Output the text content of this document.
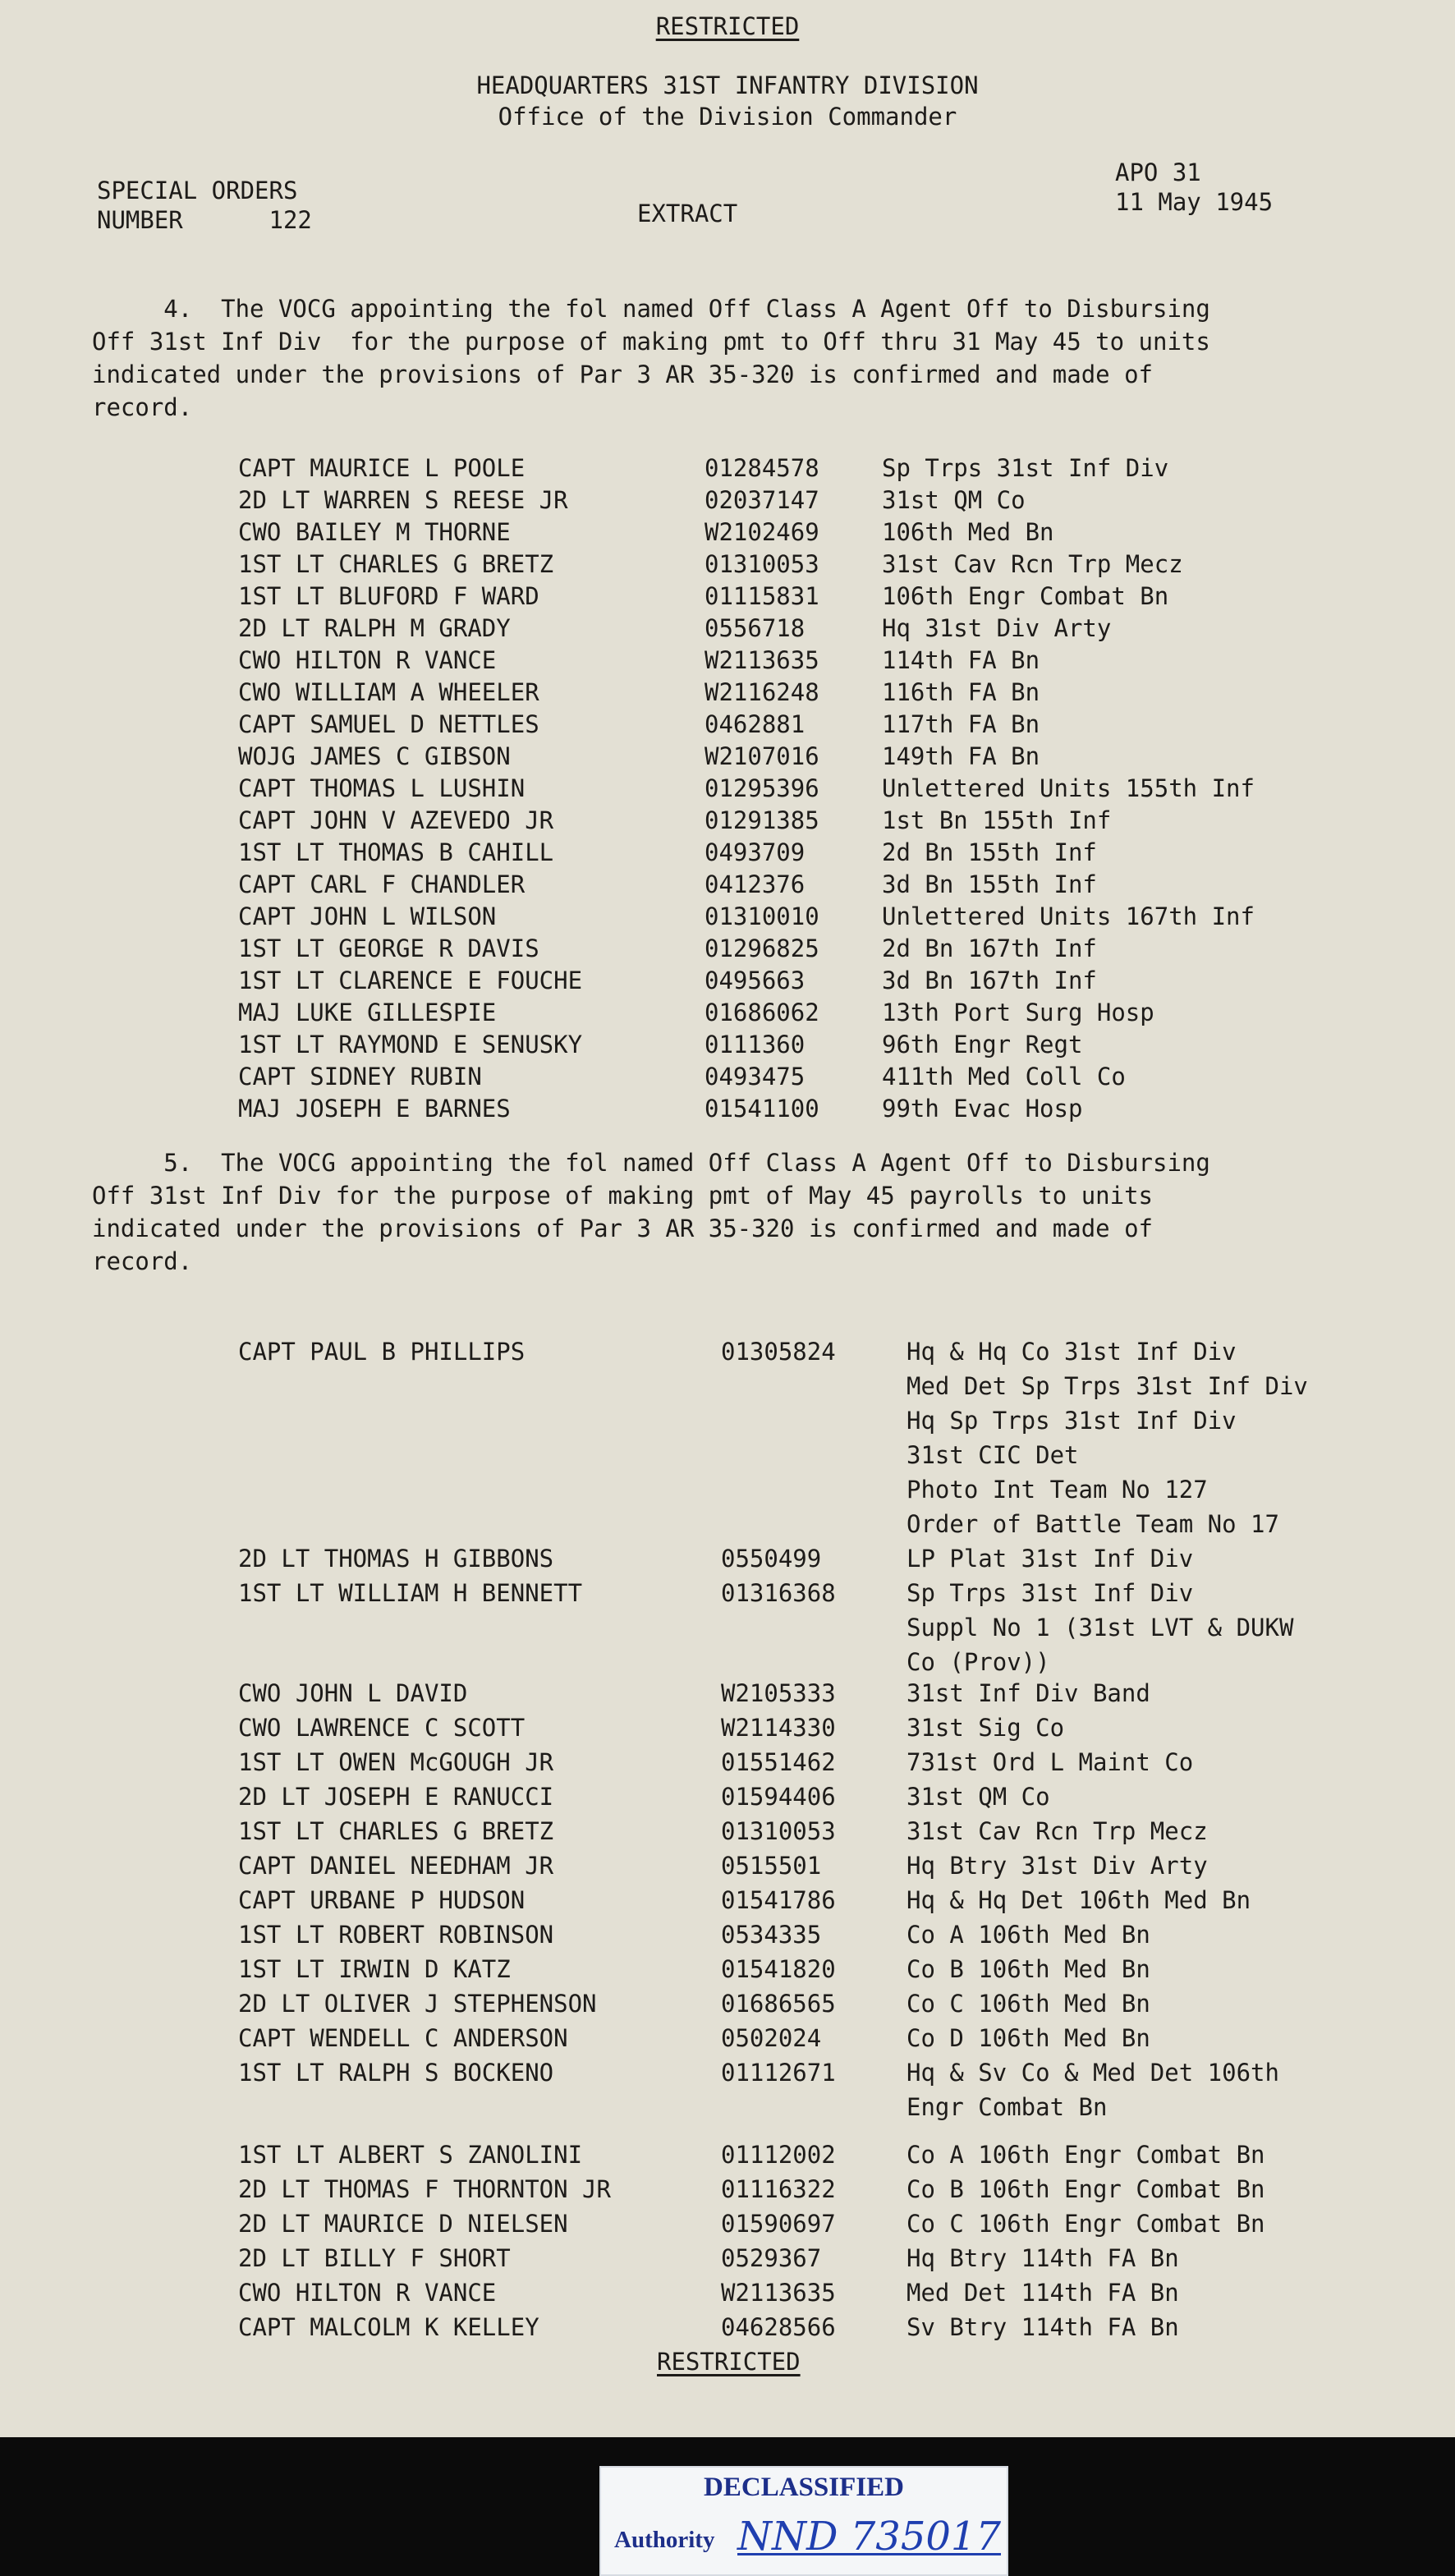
RESTRICTED
HEADQUARTERS 31ST INFANTRY DIVISION
Office of the Division Commander
SPECIAL ORDERS
NUMBER      122	EXTRACT
APO 31
11 May 1945
4.  The VOCG appointing the fol named Off Class A Agent Off to Disbursing
Off 31st Inf Div  for the purpose of making pmt to Off thru 31 May 45 to units
indicated under the provisions of Par 3 AR 35-320 is confirmed and made of
record.
CAPT MAURICE L POOLE	01284578	Sp Trps 31st Inf Div
2D LT WARREN S REESE JR	02037147	31st QM Co
CWO BAILEY M THORNE	W2102469	106th Med Bn
1ST LT CHARLES G BRETZ	01310053	31st Cav Rcn Trp Mecz
1ST LT BLUFORD F WARD	01115831	106th Engr Combat Bn
2D LT RALPH M GRADY	0556718	Hq 31st Div Arty
CWO HILTON R VANCE	W2113635	114th FA Bn
CWO WILLIAM A WHEELER	W2116248	116th FA Bn
CAPT SAMUEL D NETTLES	0462881	117th FA Bn
WOJG JAMES C GIBSON	W2107016	149th FA Bn
CAPT THOMAS L LUSHIN	01295396	Unlettered Units 155th Inf
CAPT JOHN V AZEVEDO JR	01291385	1st Bn 155th Inf
1ST LT THOMAS B CAHILL	0493709	2d Bn 155th Inf
CAPT CARL F CHANDLER	0412376	3d Bn 155th Inf
CAPT JOHN L WILSON	01310010	Unlettered Units 167th Inf
1ST LT GEORGE R DAVIS	01296825	2d Bn 167th Inf
1ST LT CLARENCE E FOUCHE	0495663	3d Bn 167th Inf
MAJ LUKE GILLESPIE	01686062	13th Port Surg Hosp
1ST LT RAYMOND E SENUSKY	0111360	96th Engr Regt
CAPT SIDNEY RUBIN	0493475	411th Med Coll Co
MAJ JOSEPH E BARNES	01541100	99th Evac Hosp
5.  The VOCG appointing the fol named Off Class A Agent Off to Disbursing
Off 31st Inf Div for the purpose of making pmt of May 45 payrolls to units
indicated under the provisions of Par 3 AR 35-320 is confirmed and made of
record.
CAPT PAUL B PHILLIPS	01305824	Hq & Hq Co 31st Inf Div
Med Det Sp Trps 31st Inf Div
Hq Sp Trps 31st Inf Div
31st CIC Det
Photo Int Team No 127
Order of Battle Team No 17
2D LT THOMAS H GIBBONS	0550499	LP Plat 31st Inf Div
1ST LT WILLIAM H BENNETT	01316368	Sp Trps 31st Inf Div
Suppl No 1 (31st LVT & DUKW
Co (Prov))
CWO JOHN L DAVID	W2105333	31st Inf Div Band
CWO LAWRENCE C SCOTT	W2114330	31st Sig Co
1ST LT OWEN McGOUGH JR	01551462	731st Ord L Maint Co
2D LT JOSEPH E RANUCCI	01594406	31st QM Co
1ST LT CHARLES G BRETZ	01310053	31st Cav Rcn Trp Mecz
CAPT DANIEL NEEDHAM JR	0515501	Hq Btry 31st Div Arty
CAPT URBANE P HUDSON	01541786	Hq & Hq Det 106th Med Bn
1ST LT ROBERT ROBINSON	0534335	Co A 106th Med Bn
1ST LT IRWIN D KATZ	01541820	Co B 106th Med Bn
2D LT OLIVER J STEPHENSON	01686565	Co C 106th Med Bn
CAPT WENDELL C ANDERSON	0502024	Co D 106th Med Bn
1ST LT RALPH S BOCKENO	01112671	Hq & Sv Co & Med Det 106th
Engr Combat Bn
1ST LT ALBERT S ZANOLINI	01112002	Co A 106th Engr Combat Bn
2D LT THOMAS F THORNTON JR	01116322	Co B 106th Engr Combat Bn
2D LT MAURICE D NIELSEN	01590697	Co C 106th Engr Combat Bn
2D LT BILLY F SHORT	0529367	Hq Btry 114th FA Bn
CWO HILTON R VANCE	W2113635	Med Det 114th FA Bn
CAPT MALCOLM K KELLEY	04628566	Sv Btry 114th FA Bn
RESTRICTED
DECLASSIFIED
Authority NND 735017
